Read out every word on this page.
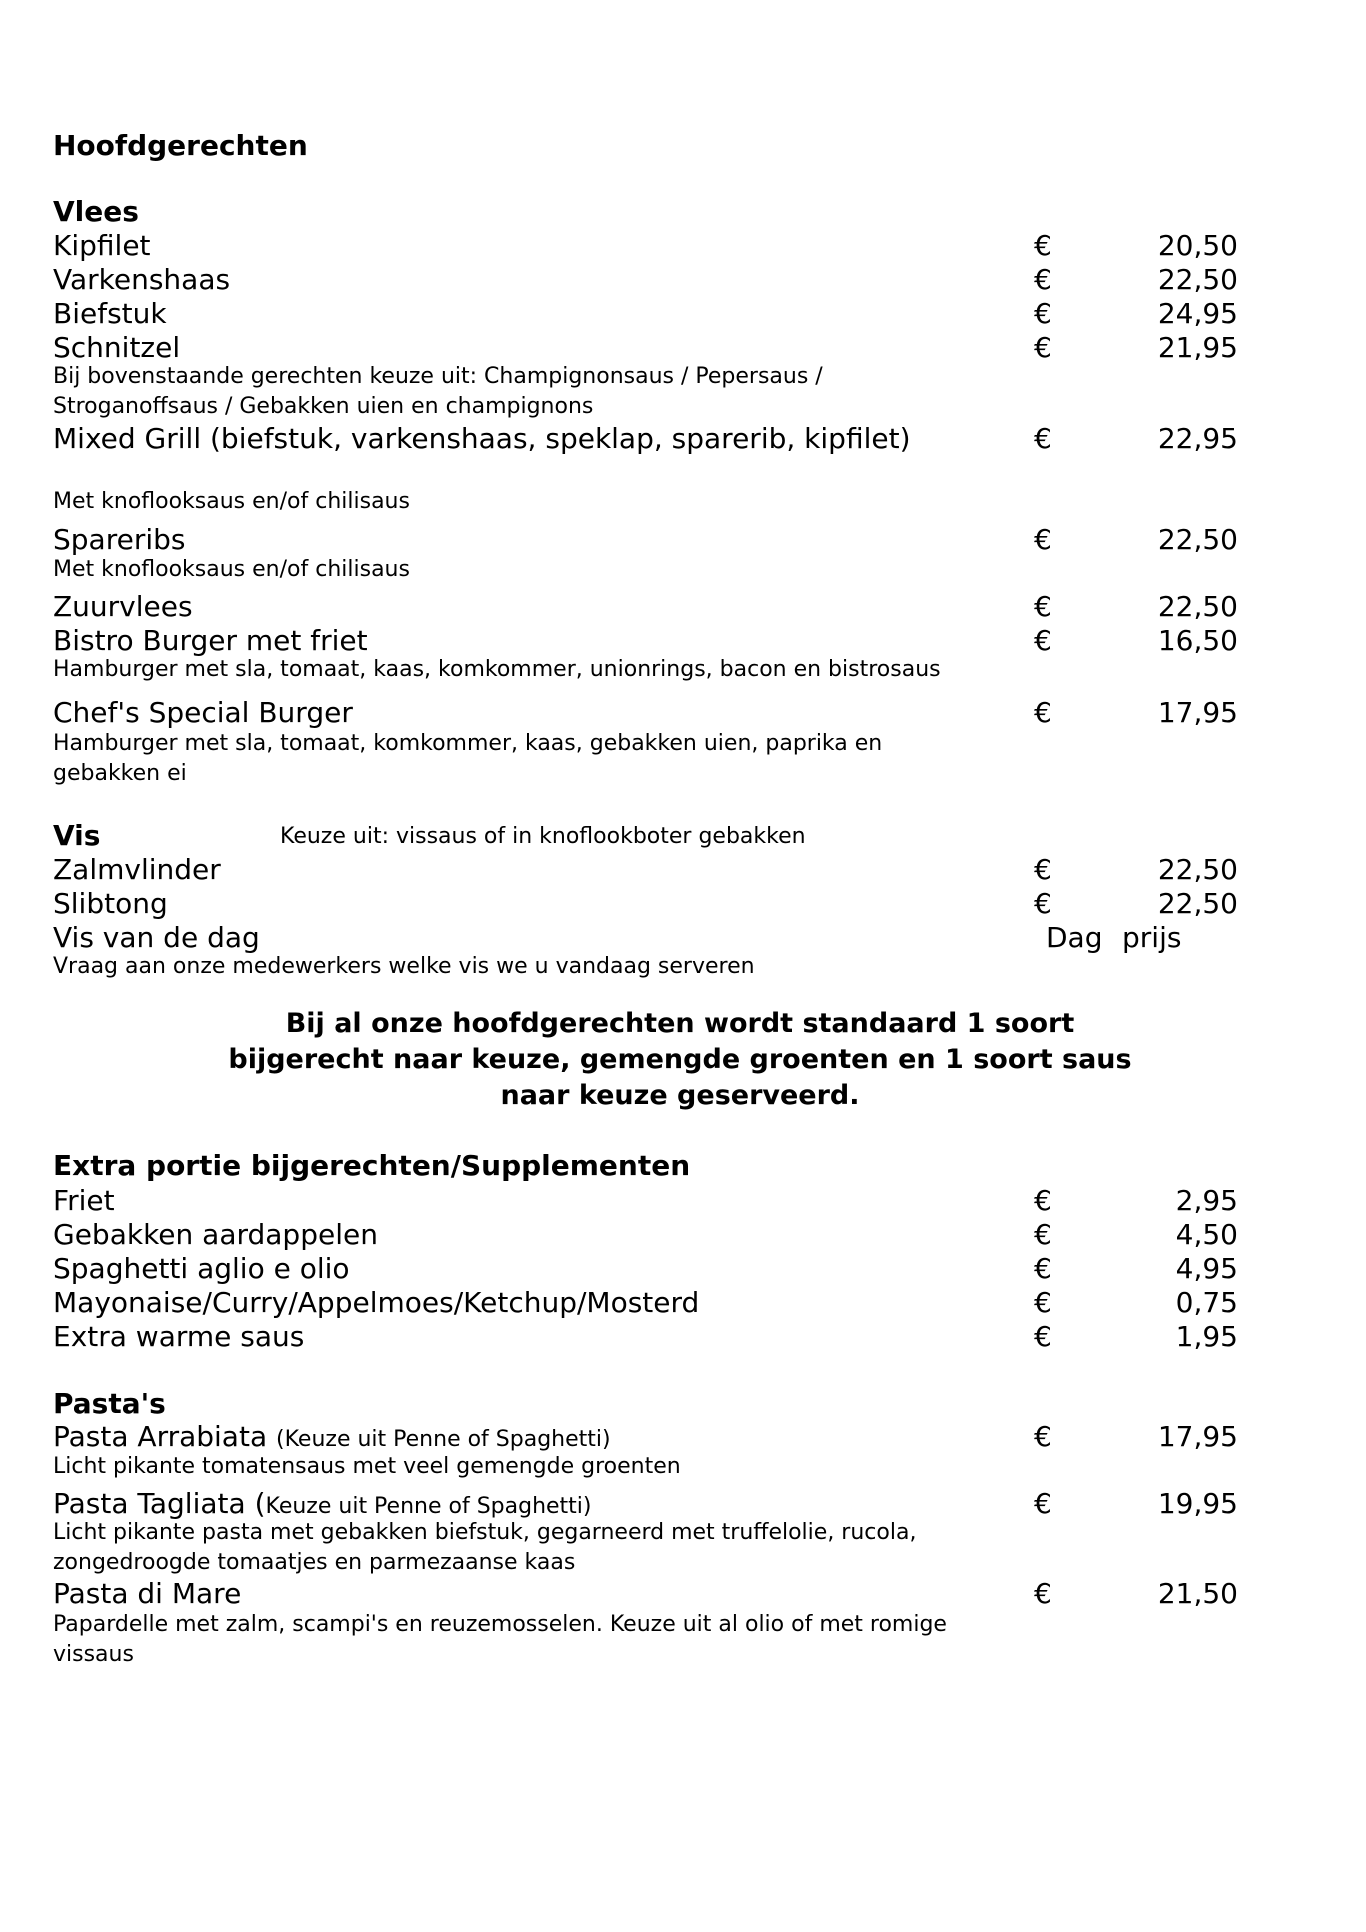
Hoofdgerechten
Vlees
Kipfilet	€	20,50
Varkenshaas	€	22,50
Biefstuk	€	24,95
Schnitzel	€	21,95
Bij bovenstaande gerechten keuze uit: Champignonsaus / Pepersaus /
Stroganoffsaus / Gebakken uien en champignons
Mixed Grill (biefstuk, varkenshaas, speklap, sparerib, kipfilet)	€	22,95
Met knoflooksaus en/of chilisaus
Spareribs	€	22,50
Met knoflooksaus en/of chilisaus
Zuurvlees	€	22,50
Bistro Burger met friet	€	16,50
Hamburger met sla, tomaat, kaas, komkommer, unionrings, bacon en bistrosaus
Chef's Special Burger	€	17,95
Hamburger met sla, tomaat, komkommer, kaas, gebakken uien, paprika en
gebakken ei
Vis	Keuze uit: vissaus of in knoflookboter gebakken
Zalmvlinder	€	22,50
Slibtong	€	22,50
Vis van de dag	Dag prijs
Vraag aan onze medewerkers welke vis we u vandaag serveren
Bij al onze hoofdgerechten wordt standaard 1 soort
bijgerecht naar keuze, gemengde groenten en 1 soort saus
naar keuze geserveerd.
Extra portie bijgerechten/Supplementen
Friet	€	2,95
Gebakken aardappelen	€	4,50
Spaghetti aglio e olio	€	4,95
Mayonaise/Curry/Appelmoes/Ketchup/Mosterd	€	0,75
Extra warme saus	€	1,95
Pasta's
Pasta Arrabiata (Keuze uit Penne of Spaghetti)	€	17,95
Licht pikante tomatensaus met veel gemengde groenten
Pasta Tagliata (Keuze uit Penne of Spaghetti)	€	19,95
Licht pikante pasta met gebakken biefstuk, gegarneerd met truffelolie, rucola,
zongedroogde tomaatjes en parmezaanse kaas
Pasta di Mare	€	21,50
Papardelle met zalm, scampi's en reuzemosselen. Keuze uit al olio of met romige
vissaus
